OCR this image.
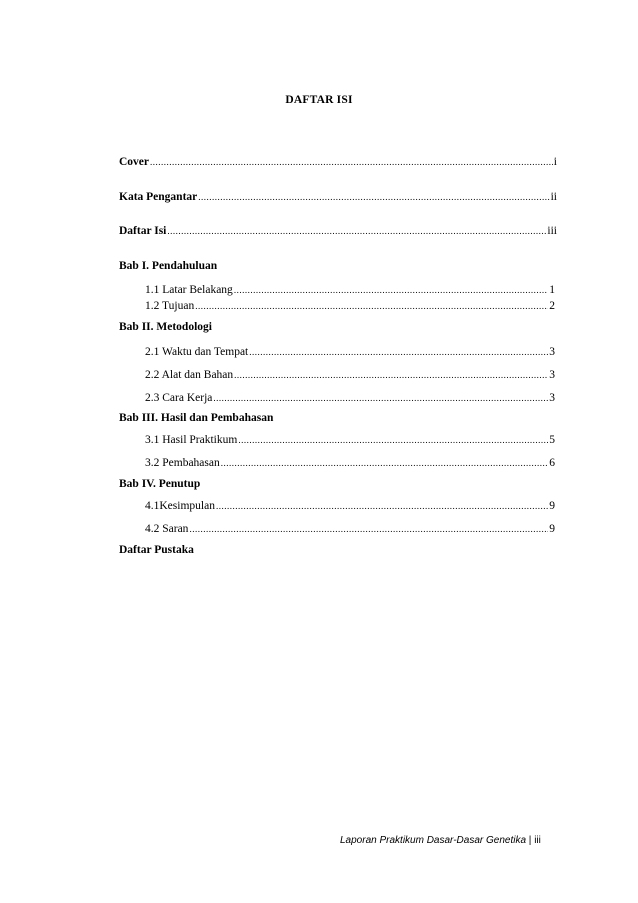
DAFTAR ISI
Cover .....	i
Kata Pengantar .....	ii
Daftar Isi .....	iii
Bab I. Pendahuluan
1.1 Latar Belakang .....	1
1.2 Tujuan .....	2
Bab II. Metodologi
2.1 Waktu dan Tempat .....	3
2.2 Alat dan Bahan .....	3
2.3 Cara Kerja .....	3
Bab III. Hasil dan Pembahasan
3.1 Hasil Praktikum .....	5
3.2 Pembahasan .....	6
Bab IV. Penutup
4.1Kesimpulan .....	9
4.2 Saran .....	9
Daftar Pustaka
Laporan Praktikum Dasar-Dasar Genetika | iii
